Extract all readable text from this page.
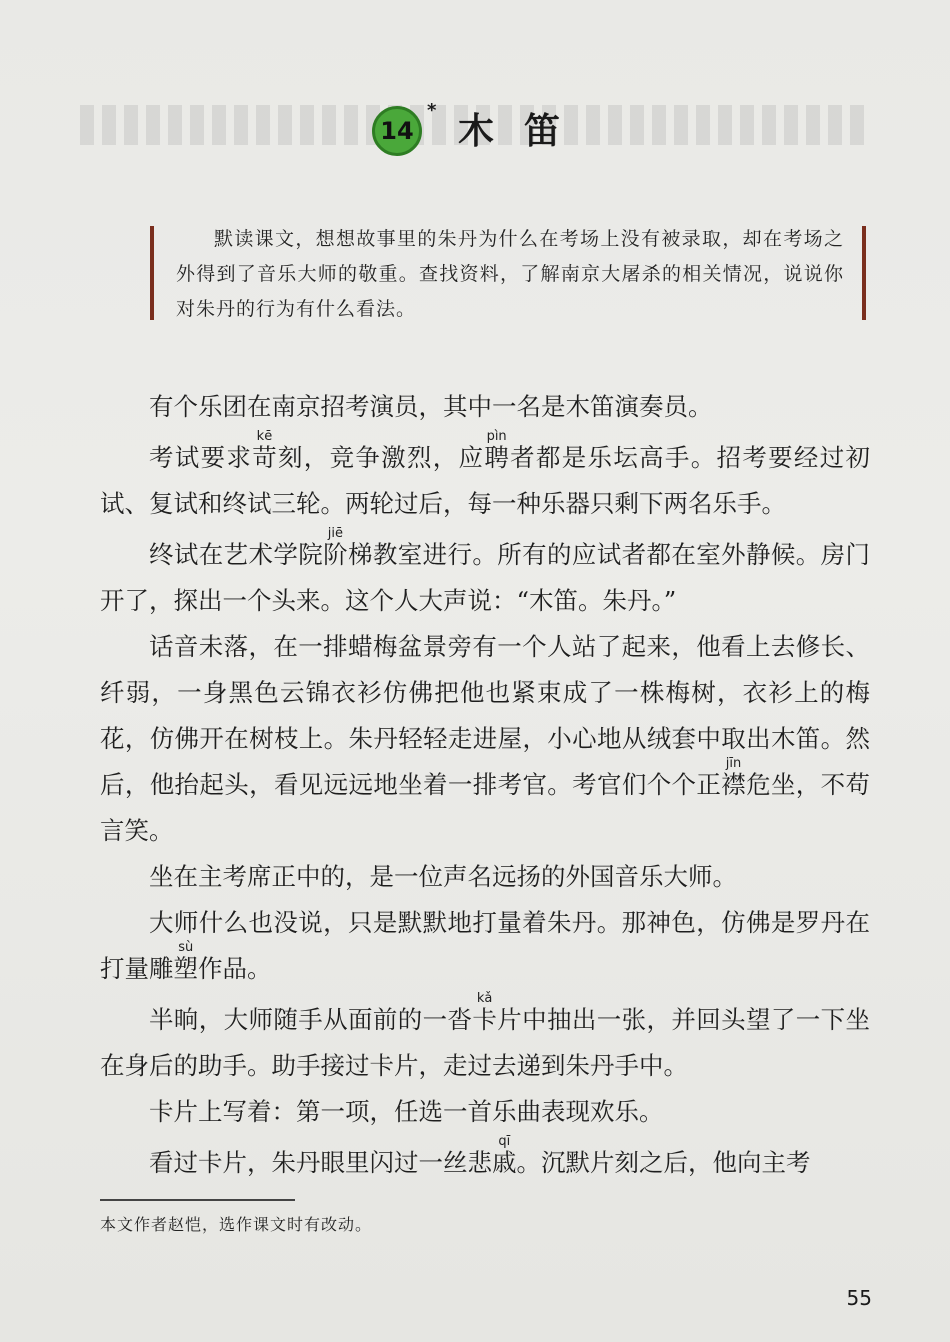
14
* 木笛
默读课文，想想故事里的朱丹为什么在考场上没有被录取，却在考场之外得到了音乐大师的敬重。查找资料，了解南京大屠杀的相关情况，说说你对朱丹的行为有什么看法。

有个乐团在南京招考演员，其中一名是木笛演奏员。

考试要求苛kē刻，竞争激烈，应聘pìn者都是乐坛高手。招考要经过初试、复试和终试三轮。两轮过后，每一种乐器只剩下两名乐手。

终试在艺术学院阶jiē梯教室进行。所有的应试者都在室外静候。房门开了，探出一个头来。这个人大声说：“木笛。朱丹。”

话音未落，在一排蜡梅盆景旁有一个人站了起来，他看上去修长、纤弱，一身黑色云锦衣衫仿佛把他也紧束成了一株梅树，衣衫上的梅花，仿佛开在树枝上。朱丹轻轻走进屋，小心地从绒套中取出木笛。然后，他抬起头，看见远远地坐着一排考官。考官们个个正襟jīn危坐，不苟言笑。

坐在主考席正中的，是一位声名远扬的外国音乐大师。

大师什么也没说，只是默默地打量着朱丹。那神色，仿佛是罗丹在打量雕塑sù作品。

半晌，大师随手从面前的一沓卡kǎ片中抽出一张，并回头望了一下坐在身后的助手。助手接过卡片，走过去递到朱丹手中。

卡片上写着：第一项，任选一首乐曲表现欢乐。

看过卡片，朱丹眼里闪过一丝悲戚qī。沉默片刻之后，他向主考

本文作者赵恺，选作课文时有改动。
55
